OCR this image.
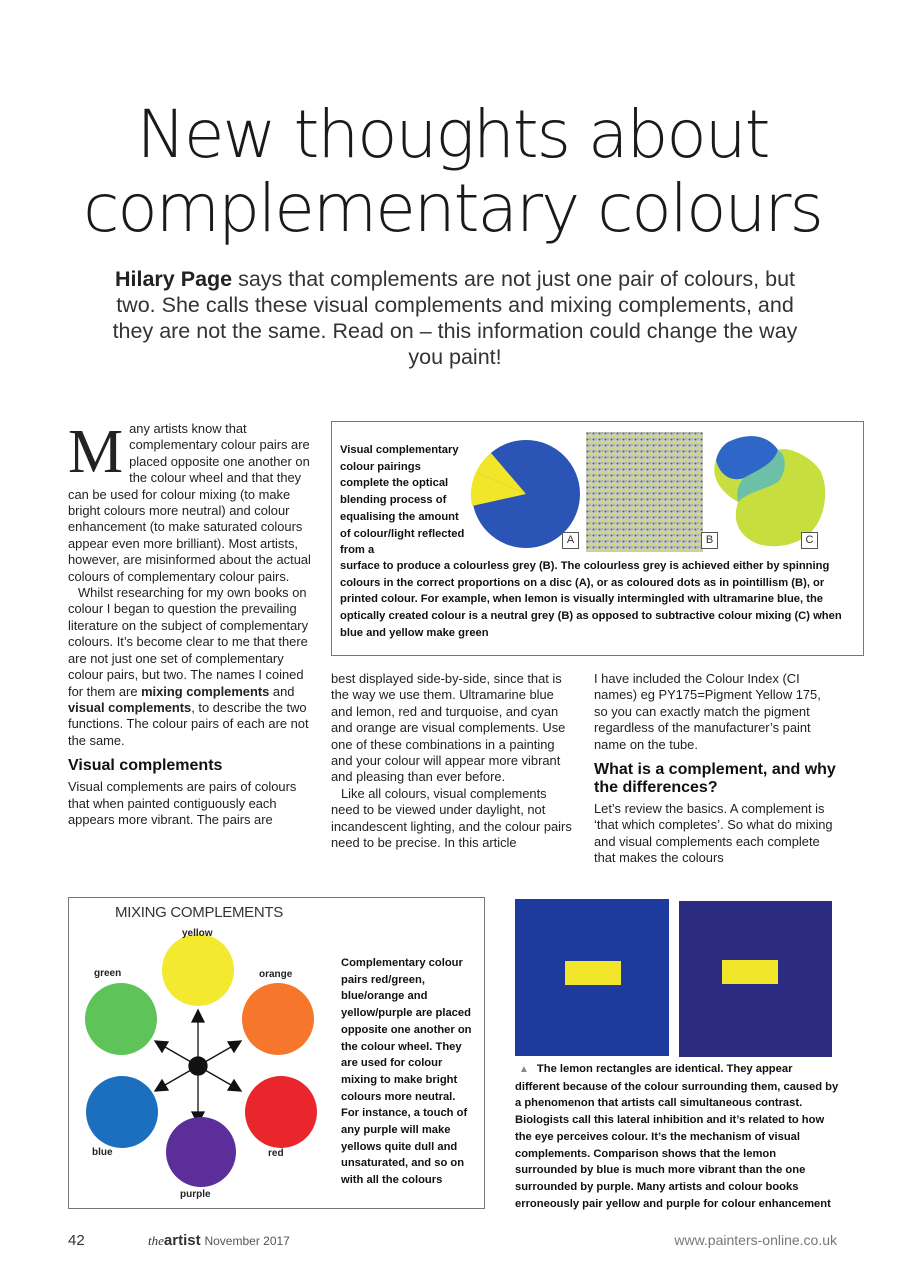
New thoughts about
complementary colours
Hilary Page says that complements are not just one pair of colours, but two. She calls these visual complements and mixing complements, and they are not the same. Read on – this information could change the way you paint!

Many artists know that complementary colour pairs are placed opposite one another on the colour wheel and that they can be used for colour mixing (to make bright colours more neutral) and colour enhancement (to make saturated colours appear even more brilliant). Most artists, however, are misinformed about the actual colours of complementary colour pairs.

Whilst researching for my own books on colour I began to question the prevailing literature on the subject of complementary colours. It’s become clear to me that there are not just one set of complementary colour pairs, but two. The names I coined for them are mixing complements and visual complements, to describe the two functions. The colour pairs of each are not the same.

Visual complements

Visual complements are pairs of colours that when painted contiguously each appears more vibrant. The pairs are

Visual complementary colour pairings complete the optical blending process of equalising the amount of colour/light reflected from a
A	B	C
surface to produce a colourless grey (B). The colourless grey is achieved either by spinning colours in the correct proportions on a disc (A), or as coloured dots as in pointillism (B), or printed colour. For example, when lemon is visually intermingled with ultramarine blue, the optically created colour is a neutral grey (B) as opposed to subtractive colour mixing (C) when blue and yellow make green

best displayed side-by-side, since that is the way we use them. Ultramarine blue and lemon, red and turquoise, and cyan and orange are visual complements. Use one of these combinations in a painting and your colour will appear more vibrant and pleasing than ever before.

Like all colours, visual complements need to be viewed under daylight, not incandescent lighting, and the colour pairs need to be precise. In this article

I have included the Colour Index (CI names) eg PY175=Pigment Yellow 175, so you can exactly match the pigment regardless of the manufacturer’s paint name on the tube.

What is a complement, and why the differences?

Let’s review the basics. A complement is ‘that which completes’. So what do mixing and visual complements each complete that makes the colours

MIXING COMPLEMENTS
yellow
orange
red
purple
blue
green
Complementary colour pairs red/green, blue/orange and yellow/purple are placed opposite one another on the colour wheel. They are used for colour mixing to make bright colours more neutral. For instance, a touch of any purple will make yellows quite dull and unsaturated, and so on with all the colours
▲ The lemon rectangles are identical. They appear different because of the colour surrounding them, caused by a phenomenon that artists call simultaneous contrast. Biologists call this lateral inhibition and it’s related to how the eye perceives colour. It’s the mechanism of visual complements. Comparison shows that the lemon surrounded by blue is much more vibrant than the one surrounded by purple. Many artists and colour books erroneously pair yellow and purple for colour enhancement
42	theartist November 2017	www.painters-online.co.uk
